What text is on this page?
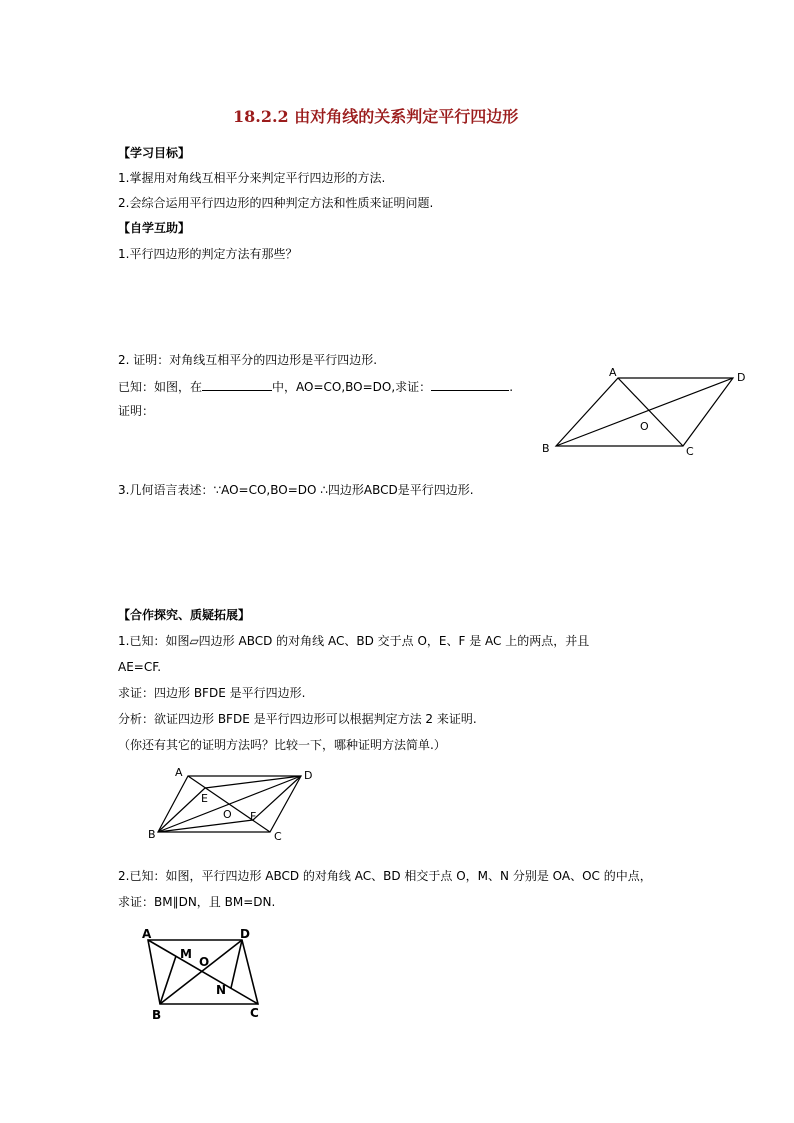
18.2.2 由对角线的关系判定平行四边形
【学习目标】
1.掌握用对角线互相平分来判定平行四边形的方法.
2.会综合运用平行四边形的四种判定方法和性质来证明问题.
【自学互助】
1.平行四边形的判定方法有那些？
2. 证明：对角线互相平分的四边形是平行四边形.
已知：如图，在	中，AO=CO,BO=DO,求证：	.
证明：
A	D
O
B	C
3.几何语言表述：∵AO=CO,BO=DO ∴四边形ABCD是平行四边形.
【合作探究、质疑拓展】
1.已知：如图▱四边形 ABCD 的对角线 AC、BD 交于点 O，E、F 是 AC 上的两点，并且
AE=CF.
求证：四边形 BFDE 是平行四边形.
分析：欲证四边形 BFDE 是平行四边形可以根据判定方法 2 来证明.
（你还有其它的证明方法吗？比较一下，哪种证明方法简单.）
A	D
E
O F
B	C
2.已知：如图，平行四边形 ABCD 的对角线 AC、BD 相交于点 O，M、N 分别是 OA、OC 的中点，
求证：BM∥DN，且 BM=DN.
A	D
M
O
N
B	C
